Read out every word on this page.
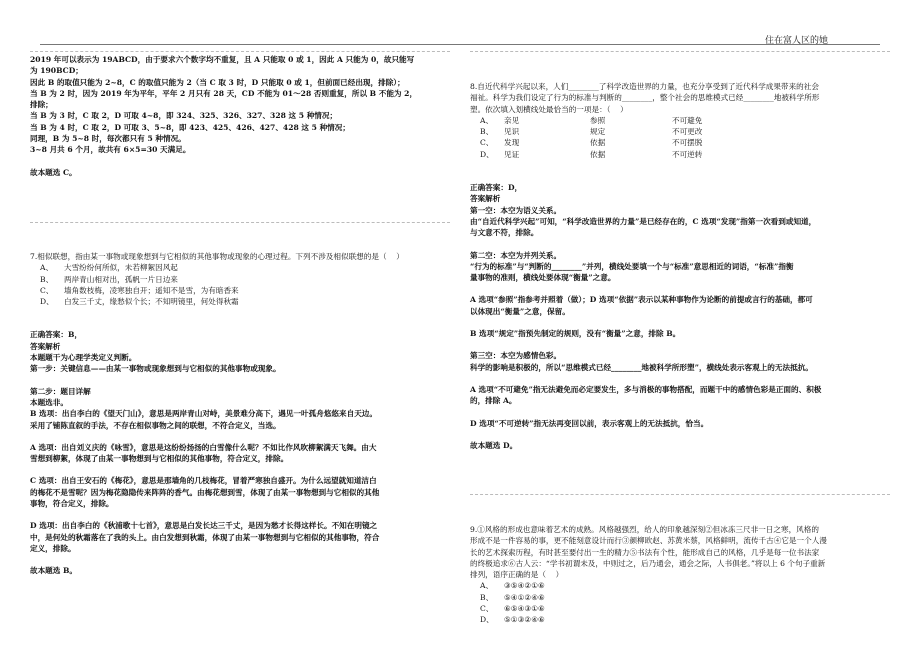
住在富人区的她

2019 年可以表示为 19ABCD，由于要求六个数字均不重复，且 A 只能取 0 或 1，因此 A 只能为 0，故只能写

为 190BCD；

因此 B 的取值只能为 2~8，C 的取值只能为 2（当 C 取 3 时，D 只能取 0 或 1，但前面已经出现，排除）；

当 B 为 2 时，因为 2019 年为平年，平年 2 月只有 28 天，CD 不能为 01～28 否则重复，所以 B 不能为 2，

排除；

当 B 为 3 时，C 取 2，D 可取 4~8，即 324、325、326、327、328 这 5 种情况；

当 B 为 4 时，C 取 2，D 可取 3、5~8，即 423、425、426、427、428 这 5 种情况；

同理，B 为 5~8 时，每次都只有 5 种情况。

3~8 月共 6 个月，故共有 6×5=30 天满足。

故本题选 C。

7.相似联想，指由某一事物或现象想到与它相似的其他事物或现象的心理过程。下列不涉及相似联想的是（    ）

A、	大雪纷纷何所似，未若柳絮因风起

B、	两岸青山相对出，孤帆一片日边来

C、	墙角数枝梅，凌寒独自开；遥知不是雪，为有暗香来

D、	白发三千丈，缘愁似个长；不知明镜里，何处得秋霜

正确答案：B，

答案解析

本题题干为心理学类定义判断。

第一步：关键信息——由某一事物或现象想到与它相似的其他事物或现象。

第二步：题目详解

本题选非。

B 选项：出自李白的《望天门山》，意思是两岸青山对峙，美景难分高下，遇见一叶孤舟悠悠来自天边。

采用了铺陈直叙的手法，不存在相似事物之间的联想，不符合定义，当选。

A 选项：出自刘义庆的《咏雪》，意思是这纷纷扬扬的白雪像什么呢？不如比作风吹柳絮满天飞舞。由大

雪想到柳絮，体现了由某一事物想到与它相似的其他事物，符合定义，排除。

C 选项：出自王安石的《梅花》，意思是那墙角的几枝梅花，冒着严寒独自盛开。为什么远望就知道洁白

的梅花不是雪呢？因为梅花隐隐传来阵阵的香气。由梅花想到雪，体现了由某一事物想到与它相似的其他

事物，符合定义，排除。

D 选项：出自李白的《秋浦歌十七首》，意思是白发长达三千丈，是因为愁才长得这样长。不知在明镜之

中，是何处的秋霜落在了我的头上。由白发想到秋霜，体现了由某一事物想到与它相似的其他事物，符合

定义，排除。

故本题选 B。

8.自近代科学兴起以来，人们________了科学改造世界的力量，也充分享受到了近代科学成果带来的社会

福祉。科学为我们设定了行为的标准与判断的________，整个社会的思维模式已经________地被科学所形

塑。依次填入划横线处最恰当的一项是：（    ）

A、	亲见	参照	不可避免

B、	见识	规定	不可更改

C、	发现	依据	不可摆脱

D、	见证	依据	不可逆转

正确答案：D，

答案解析

第一空：本空为语义关系。

由“自近代科学兴起”可知，“科学改造世界的力量”是已经存在的，C 选项“发现”指第一次看到或知道，

与文意不符，排除。

第二空：本空为并列关系。

“行为的标准”与“判断的________”并列，横线处要填一个与“标准”意思相近的词语，“标准”指衡

量事物的准则，横线处要体现“衡量”之意。

A 选项“参照”指参考并照着（做）；D 选项“依据”表示以某种事物作为论断的前提或言行的基础，都可

以体现出“衡量”之意，保留。

B 选项“规定”指预先制定的规则，没有“衡量”之意，排除 B。

第三空：本空为感情色彩。

科学的影响是积极的，所以“思维模式已经________地被科学所形塑”，横线处表示客观上的无法抵抗。

A 选项“不可避免”指无法避免而必定要发生，多与消极的事物搭配，而题干中的感情色彩是正面的、积极

的，排除 A。

D 选项“不可逆转”指无法再变回以前，表示客观上的无法抵抗，恰当。

故本题选 D。

9.①风格的形成也意味着艺术的成熟。风格越强烈，给人的印象越深刻②但冰冻三尺非一日之寒，风格的

形成不是一件容易的事，更不能刻意设计而行③颜柳欧赵、苏黄米蔡，风格鲜明，流传千古④它是一个人漫

长的艺术探索历程，有时甚至要付出一生的精力⑤书法有个性，能形成自己的风格，几乎是每一位书法家

的终极追求⑥古人云：“学书初谓未及，中则过之，后乃通会，通会之际，人书俱老。”将以上 6 个句子重新

排列，语序正确的是（    ）

A、	③⑤④②①⑥

B、	⑤④①②④⑥

C、	⑥⑤④③①⑥

D、	⑤①③②④⑥
